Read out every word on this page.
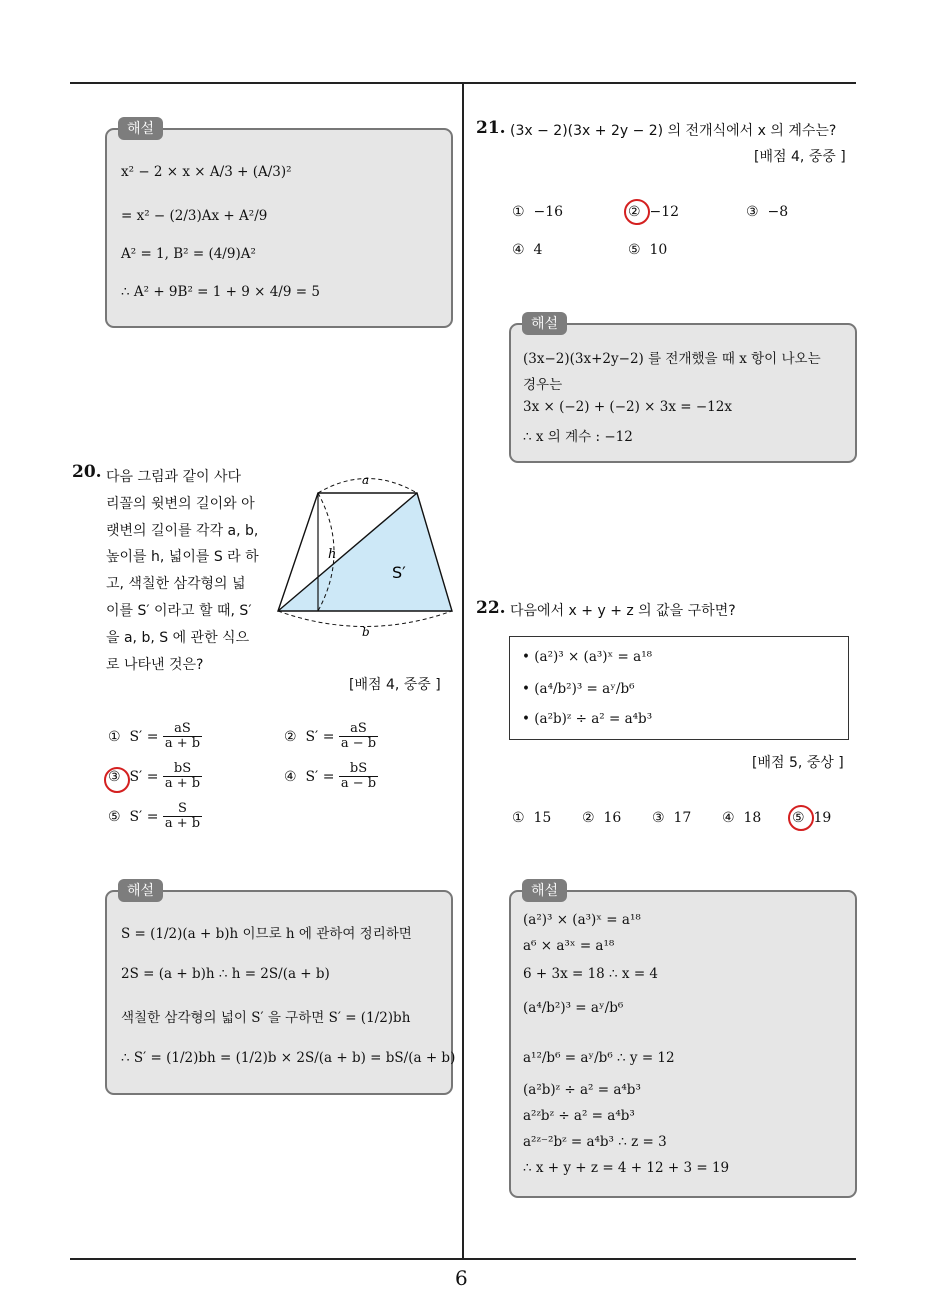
6
x² − 2 × x × A/3 + (A/3)²
= x² − (2/3)Ax + A²/9
A² = 1, B² = (4/9)A²
∴ A² + 9B² = 1 + 9 × 4/9 = 5
해설
20. 다음 그림과 같이 사다
리꼴의 윗변의 길이와 아
랫변의 길이를 각각 a, b,
높이를 h, 넓이를 S 라 하
고, 색칠한 삼각형의 넓
이를 S′ 이라고 할 때, S′
을 a, b, S 에 관한 식으
로 나타낸 것은?
a
h
S′
b
[배점 4, 중중 ]
① $S' = \frac{aS}{a + b}$	② $S' = \frac{aS}{a - b}$
③ $S' = \frac{bS}{a + b}$	④ $S' = \frac{bS}{a - b}$
⑤ $S' = \frac{S}{a + b}$
S = (1/2)(a + b)h 이므로 h 에 관하여 정리하면
2S = (a + b)h ∴ h = 2S/(a + b)
색칠한 삼각형의 넓이 S′ 을 구하면 S′ = (1/2)bh
∴ S′ = (1/2)bh = (1/2)b × 2S/(a + b) = bS/(a + b)
해설
21. (3x − 2)(3x + 2y − 2) 의 전개식에서 x 의 계수는?
[배점 4, 중중 ]
① −16	② −12	③ −8
④ 4	⑤ 10
(3x−2)(3x+2y−2) 를 전개했을 때 x 항이 나오는
경우는
3x × (−2) + (−2) × 3x = −12x
∴ x 의 계수 : −12
해설
22. 다음에서 x + y + z 의 값을 구하면?
• (a²)³ × (a³)ˣ = a¹⁸
• (a⁴/b²)³ = aʸ/b⁶
• (a²b)ᶻ ÷ a² = a⁴b³
[배점 5, 중상 ]
① 15 ② 16 ③ 17 ④ 18 ⑤ 19
(a²)³ × (a³)ˣ = a¹⁸
a⁶ × a³ˣ = a¹⁸
6 + 3x = 18 ∴ x = 4
(a⁴/b²)³ = aʸ/b⁶
a¹²/b⁶ = aʸ/b⁶ ∴ y = 12
(a²b)ᶻ ÷ a² = a⁴b³
a²ᶻbᶻ ÷ a² = a⁴b³
a²ᶻ⁻²bᶻ = a⁴b³ ∴ z = 3
∴ x + y + z = 4 + 12 + 3 = 19
해설
